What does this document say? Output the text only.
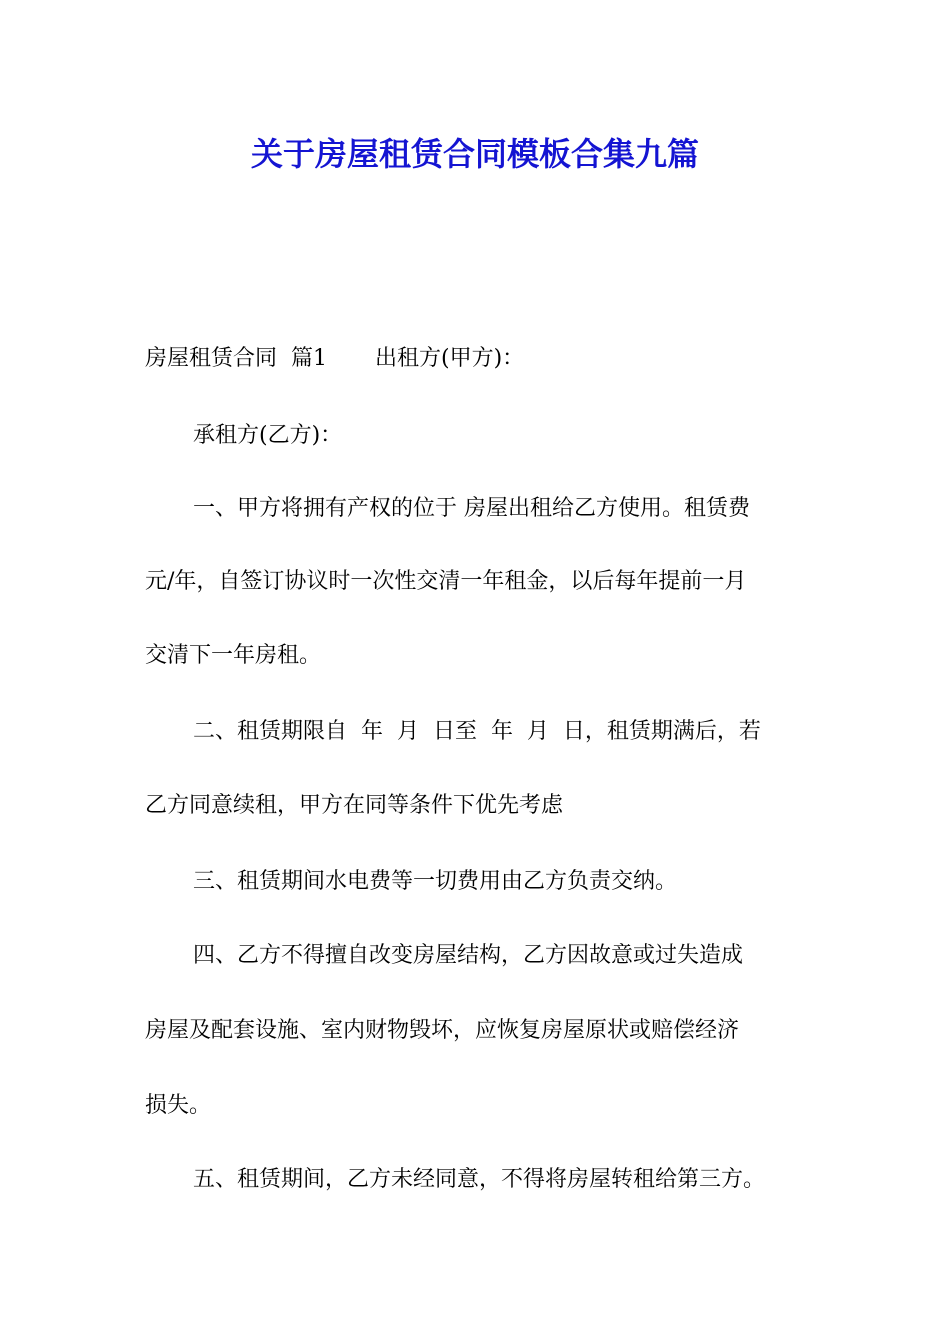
关于房屋租赁合同模板合集九篇

房屋租赁合同  篇1 出租方(甲方)：

承租方(乙方)：

一、甲方将拥有产权的位于 房屋出租给乙方使用。租赁费

元/年，自签订协议时一次性交清一年租金，以后每年提前一月

交清下一年房租。

二、租赁期限自  年  月  日至  年  月  日，租赁期满后，若

乙方同意续租，甲方在同等条件下优先考虑

三、租赁期间水电费等一切费用由乙方负责交纳。

四、乙方不得擅自改变房屋结构，乙方因故意或过失造成

房屋及配套设施、室内财物毁坏，应恢复房屋原状或赔偿经济

损失。

五、租赁期间，乙方未经同意，不得将房屋转租给第三方。
